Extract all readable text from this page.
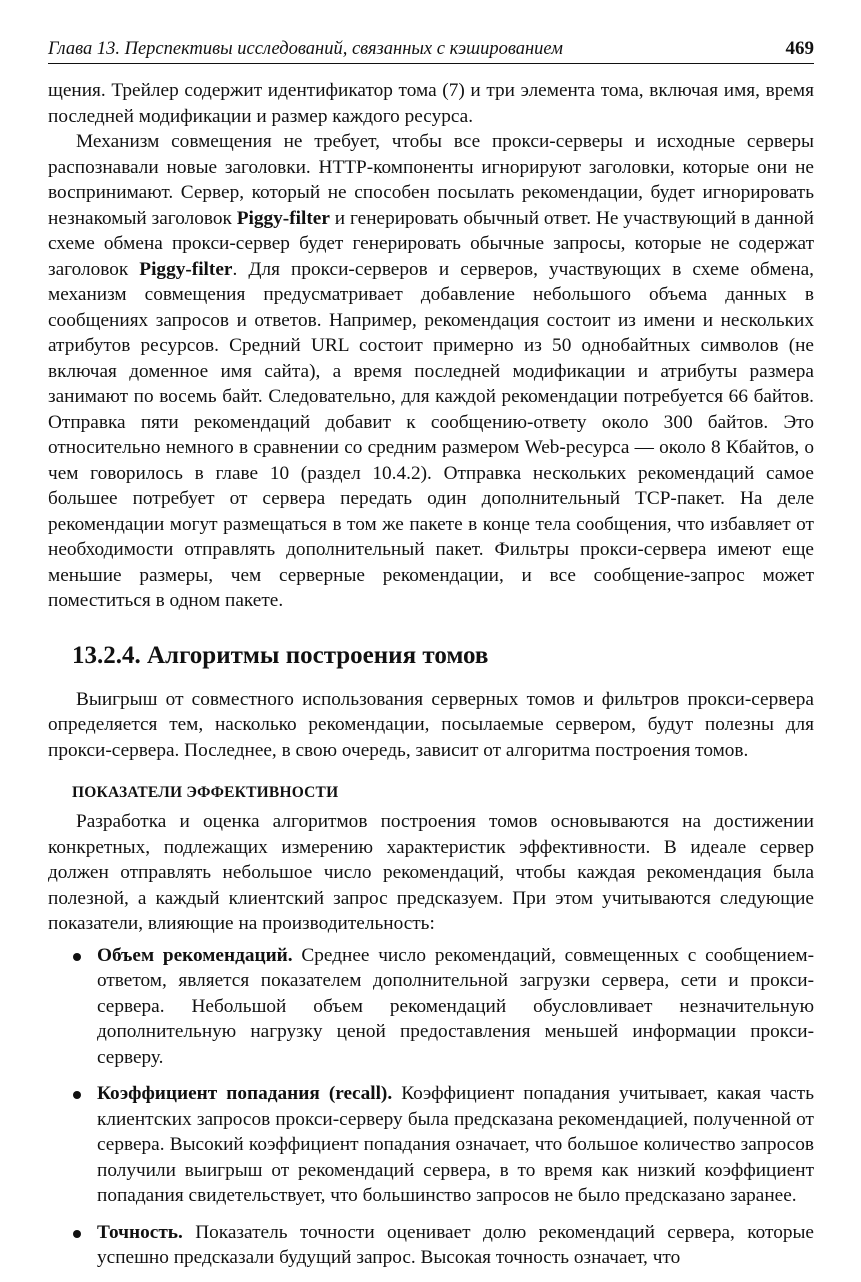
Глава 13. Перспективы исследований, связанных с кэшированием	469

щения. Трейлер содержит идентификатор тома (7) и три элемента тома, включая имя, время последней модификации и размер каждого ресурса.

Механизм совмещения не требует, чтобы все прокси-серверы и исходные серверы распознавали новые заголовки. HTTP-компоненты игнорируют заголовки, которые они не воспринимают. Сервер, который не способен посылать рекомендации, будет игнорировать незнакомый заголовок Piggy-filter и генерировать обычный ответ. Не участвующий в данной схеме обмена прокси-сервер будет генерировать обычные запросы, которые не содержат заголовок Piggy-filter. Для прокси-серверов и серверов, участвующих в схеме обмена, механизм совмещения предусматривает добавление небольшого объема данных в сообщениях запросов и ответов. Например, рекомендация состоит из имени и нескольких атрибутов ресурсов. Средний URL состоит примерно из 50 однобайтных символов (не включая доменное имя сайта), а время последней модификации и атрибуты размера занимают по восемь байт. Следовательно, для каждой рекомендации потребуется 66 байтов. Отправка пяти рекомендаций добавит к сообщению-ответу около 300 байтов. Это относительно немного в сравнении со средним размером Web-ресурса — около 8 Кбайтов, о чем говорилось в главе 10 (раздел 10.4.2). Отправка нескольких рекомендаций самое большее потребует от сервера передать один дополнительный TCP-пакет. На деле рекомендации могут размещаться в том же пакете в конце тела сообщения, что избавляет от необходимости отправлять дополнительный пакет. Фильтры прокси-сервера имеют еще меньшие размеры, чем серверные рекомендации, и все сообщение-запрос может поместиться в одном пакете.

13.2.4. Алгоритмы построения томов

Выигрыш от совместного использования серверных томов и фильтров прокси-сервера определяется тем, насколько рекомендации, посылаемые сервером, будут полезны для прокси-сервера. Последнее, в свою очередь, зависит от алгоритма построения томов.

ПОКАЗАТЕЛИ ЭФФЕКТИВНОСТИ

Разработка и оценка алгоритмов построения томов основываются на достижении конкретных, подлежащих измерению характеристик эффективности. В идеале сервер должен отправлять небольшое число рекомендаций, чтобы каждая рекомендация была полезной, а каждый клиентский запрос предсказуем. При этом учитываются следующие показатели, влияющие на производительность:

Объем рекомендаций. Среднее число рекомендаций, совмещенных с сообщением-ответом, является показателем дополнительной загрузки сервера, сети и прокси-сервера. Небольшой объем рекомендаций обусловливает незначительную дополнительную нагрузку ценой предоставления меньшей информации прокси-серверу.
Коэффициент попадания (recall). Коэффициент попадания учитывает, какая часть клиентских запросов прокси-серверу была предсказана рекомендацией, полученной от сервера. Высокий коэффициент попадания означает, что большое количество запросов получили выигрыш от рекомендаций сервера, в то время как низкий коэффициент попадания свидетельствует, что большинство запросов не было предсказано заранее.
Точность. Показатель точности оценивает долю рекомендаций сервера, которые успешно предсказали будущий запрос. Высокая точность означает, что
